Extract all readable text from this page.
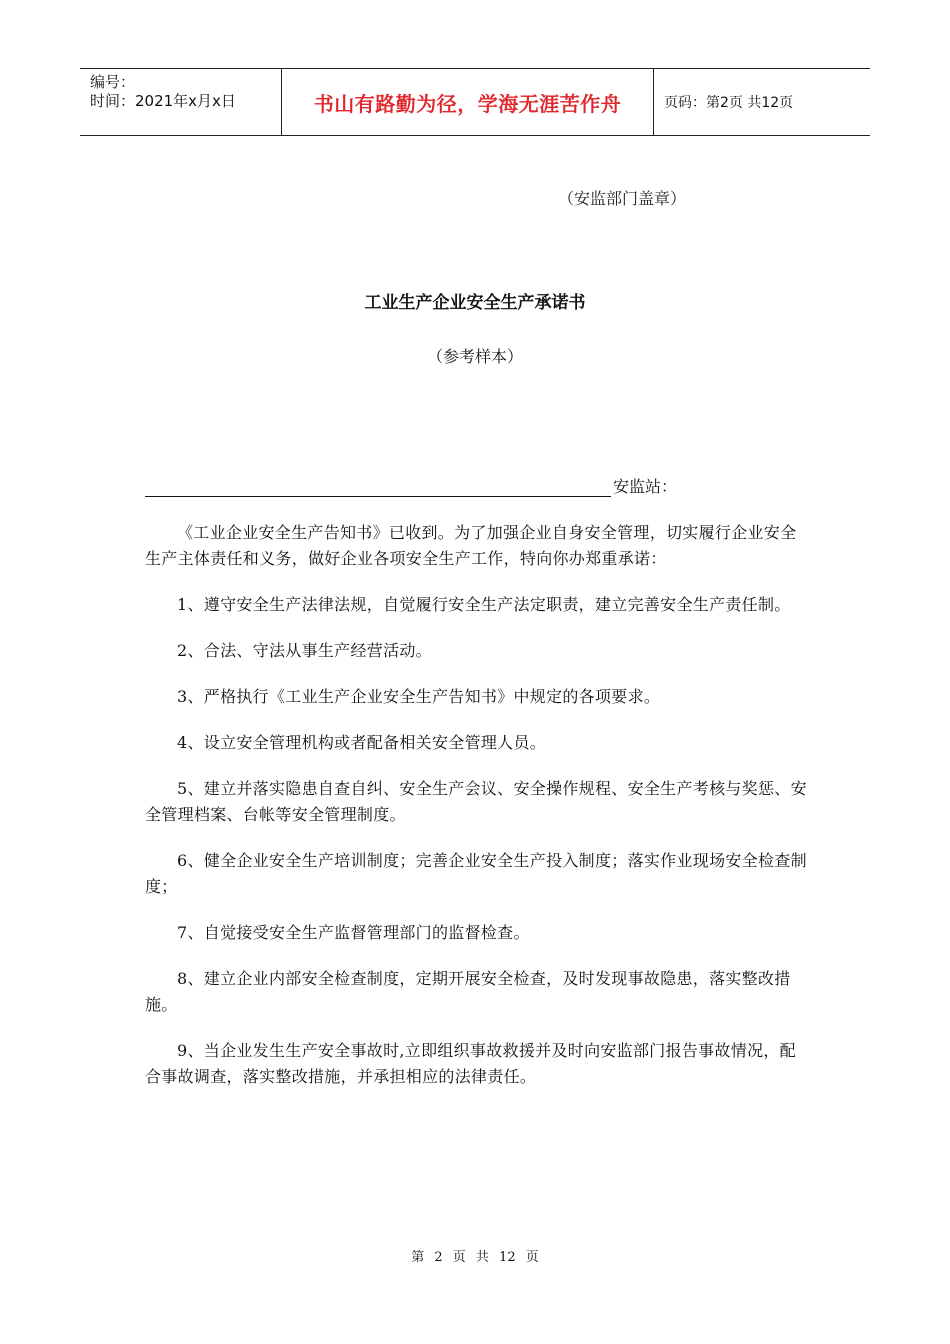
编号：
时间：2021年x月x日	书山有路勤为径，学海无涯苦作舟	页码：第2页 共12页
（安监部门盖章）
工业生产企业安全生产承诺书
（参考样本）
安监站：

《工业企业安全生产告知书》已收到。为了加强企业自身安全管理，切实履行企业安全生产主体责任和义务，做好企业各项安全生产工作，特向你办郑重承诺：

1、遵守安全生产法律法规，自觉履行安全生产法定职责，建立完善安全生产责任制。

2、合法、守法从事生产经营活动。

3、严格执行《工业生产企业安全生产告知书》中规定的各项要求。

4、设立安全管理机构或者配备相关安全管理人员。

5、建立并落实隐患自查自纠、安全生产会议、安全操作规程、安全生产考核与奖惩、安全管理档案、台帐等安全管理制度。

6、健全企业安全生产培训制度；完善企业安全生产投入制度；落实作业现场安全检查制度；

7、自觉接受安全生产监督管理部门的监督检查。

8、建立企业内部安全检查制度，定期开展安全检查，及时发现事故隐患，落实整改措施。

9、当企业发生生产安全事故时,立即组织事故救援并及时向安监部门报告事故情况，配合事故调查，落实整改措施，并承担相应的法律责任。

第 2 页 共 12 页
